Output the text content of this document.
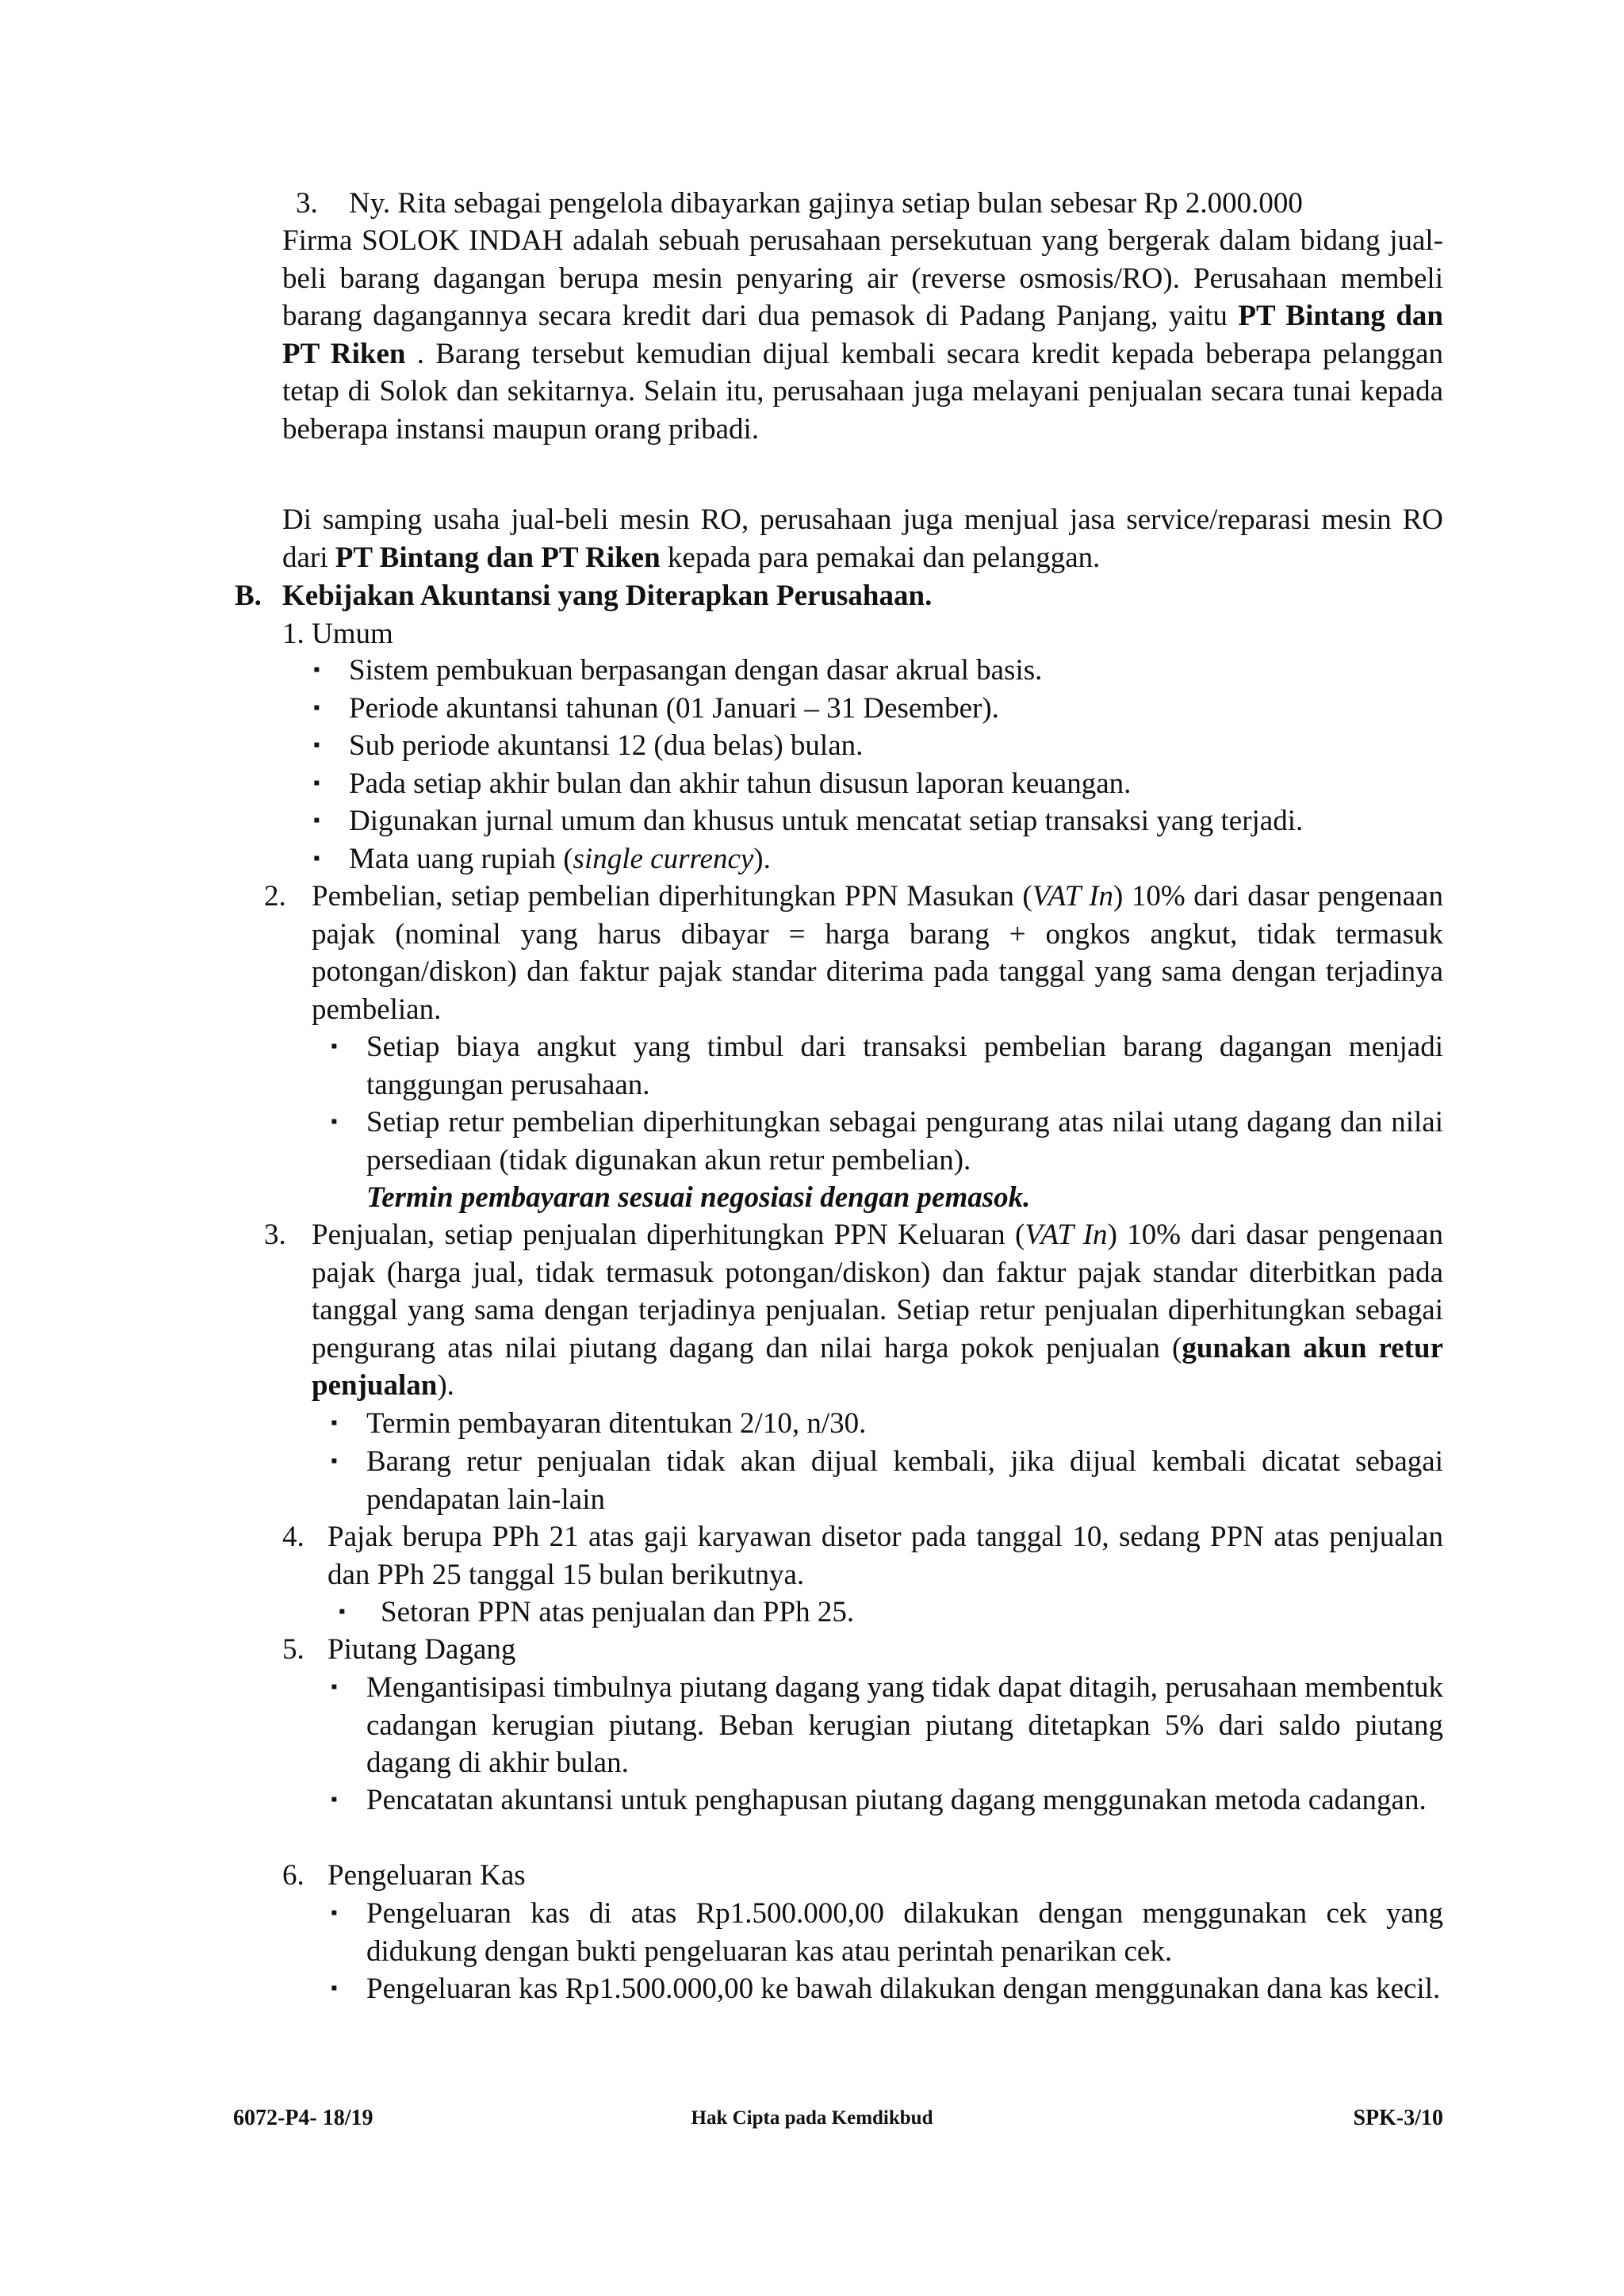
3. Ny. Rita sebagai pengelola dibayarkan gajinya setiap bulan sebesar Rp 2.000.000
Firma SOLOK INDAH adalah sebuah perusahaan persekutuan yang bergerak dalam bidang jual-beli barang dagangan berupa mesin penyaring air (reverse osmosis/RO). Perusahaan membeli barang dagangannya secara kredit dari dua pemasok di Padang Panjang, yaitu PT Bintang dan PT Riken . Barang tersebut kemudian dijual kembali secara kredit kepada beberapa pelanggan tetap di Solok dan sekitarnya. Selain itu, perusahaan juga melayani penjualan secara tunai kepada beberapa instansi maupun orang pribadi.
Di samping usaha jual-beli mesin RO, perusahaan juga menjual jasa service/reparasi mesin RO dari PT Bintang dan PT Riken kepada para pemakai dan pelanggan.
B. Kebijakan Akuntansi yang Diterapkan Perusahaan.
1. Umum
▪ Sistem pembukuan berpasangan dengan dasar akrual basis.
▪ Periode akuntansi tahunan (01 Januari – 31 Desember).
▪ Sub periode akuntansi 12 (dua belas) bulan.
▪ Pada setiap akhir bulan dan akhir tahun disusun laporan keuangan.
▪ Digunakan jurnal umum dan khusus untuk mencatat setiap transaksi yang terjadi.
▪ Mata uang rupiah (single currency).
2. Pembelian, setiap pembelian diperhitungkan PPN Masukan (VAT In) 10% dari dasar pengenaan pajak (nominal yang harus dibayar = harga barang + ongkos angkut, tidak termasuk potongan/diskon) dan faktur pajak standar diterima pada tanggal yang sama dengan terjadinya pembelian.
▪ Setiap biaya angkut yang timbul dari transaksi pembelian barang dagangan menjadi tanggungan perusahaan.
▪ Setiap retur pembelian diperhitungkan sebagai pengurang atas nilai utang dagang dan nilai persediaan (tidak digunakan akun retur pembelian).
Termin pembayaran sesuai negosiasi dengan pemasok.
3. Penjualan, setiap penjualan diperhitungkan PPN Keluaran (VAT In) 10% dari dasar pengenaan pajak (harga jual, tidak termasuk potongan/diskon) dan faktur pajak standar diterbitkan pada tanggal yang sama dengan terjadinya penjualan. Setiap retur penjualan diperhitungkan sebagai pengurang atas nilai piutang dagang dan nilai harga pokok penjualan (gunakan akun retur penjualan).
▪ Termin pembayaran ditentukan 2/10, n/30.
▪ Barang retur penjualan tidak akan dijual kembali, jika dijual kembali dicatat sebagai pendapatan lain-lain
4. Pajak berupa PPh 21 atas gaji karyawan disetor pada tanggal 10, sedang PPN atas penjualan dan PPh 25 tanggal 15 bulan berikutnya.
▪ Setoran PPN atas penjualan dan PPh 25.
5. Piutang Dagang
▪ Mengantisipasi timbulnya piutang dagang yang tidak dapat ditagih, perusahaan membentuk cadangan kerugian piutang. Beban kerugian piutang ditetapkan 5% dari saldo piutang dagang di akhir bulan.
▪ Pencatatan akuntansi untuk penghapusan piutang dagang menggunakan metoda cadangan.
6. Pengeluaran Kas
▪ Pengeluaran kas di atas Rp1.500.000,00 dilakukan dengan menggunakan cek yang didukung dengan bukti pengeluaran kas atau perintah penarikan cek.
▪ Pengeluaran kas Rp1.500.000,00 ke bawah dilakukan dengan menggunakan dana kas kecil.
6072-P4- 18/19	Hak Cipta pada Kemdikbud	SPK-3/10
